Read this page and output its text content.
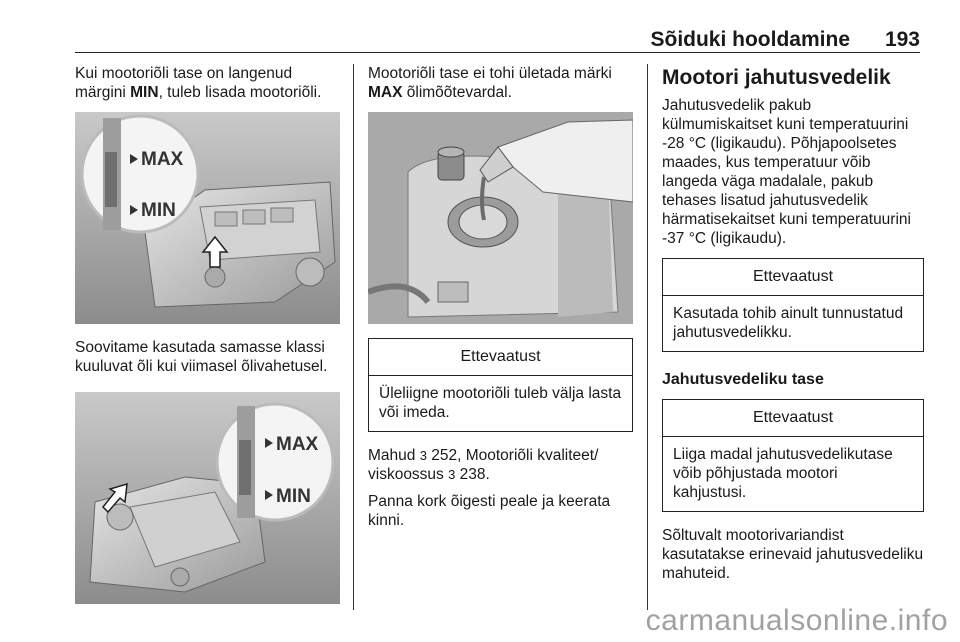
Sõiduki hooldamine 193

Kui mootoriõli tase on langenud märgini MIN, tuleb lisada mootoriõli.

MAX
MIN

Soovitame kasutada samasse klassi kuuluvat õli kui viimasel õlivahetusel.

MAX
MIN

Mootoriõli tase ei tohi ületada märki MAX õlimõõtevardal.

Ettevaatust
Üleliigne mootoriõli tuleb välja lasta või imeda.

Mahud 3 252, Mootoriõli kvaliteet/ viskoossus 3 238.

Panna kork õigesti peale ja keerata kinni.

Mootori jahutusvedelik

Jahutusvedelik pakub külmumiskaitset kuni temperatuurini -28 °C (ligikaudu). Põhjapoolsetes maades, kus temperatuur võib langeda väga madalale, pakub tehases lisatud jahutusvedelik härmatisekaitset kuni temperatuurini -37 °C (ligikaudu).

Ettevaatust
Kasutada tohib ainult tunnustatud jahutusvedelikku.
Jahutusvedeliku tase
Ettevaatust
Liiga madal jahutusvedelikutase võib põhjustada mootori kahjustusi.

Sõltuvalt mootorivariandist kasutatakse erinevaid jahutusvedeliku mahuteid.

carmanualsonline.info
